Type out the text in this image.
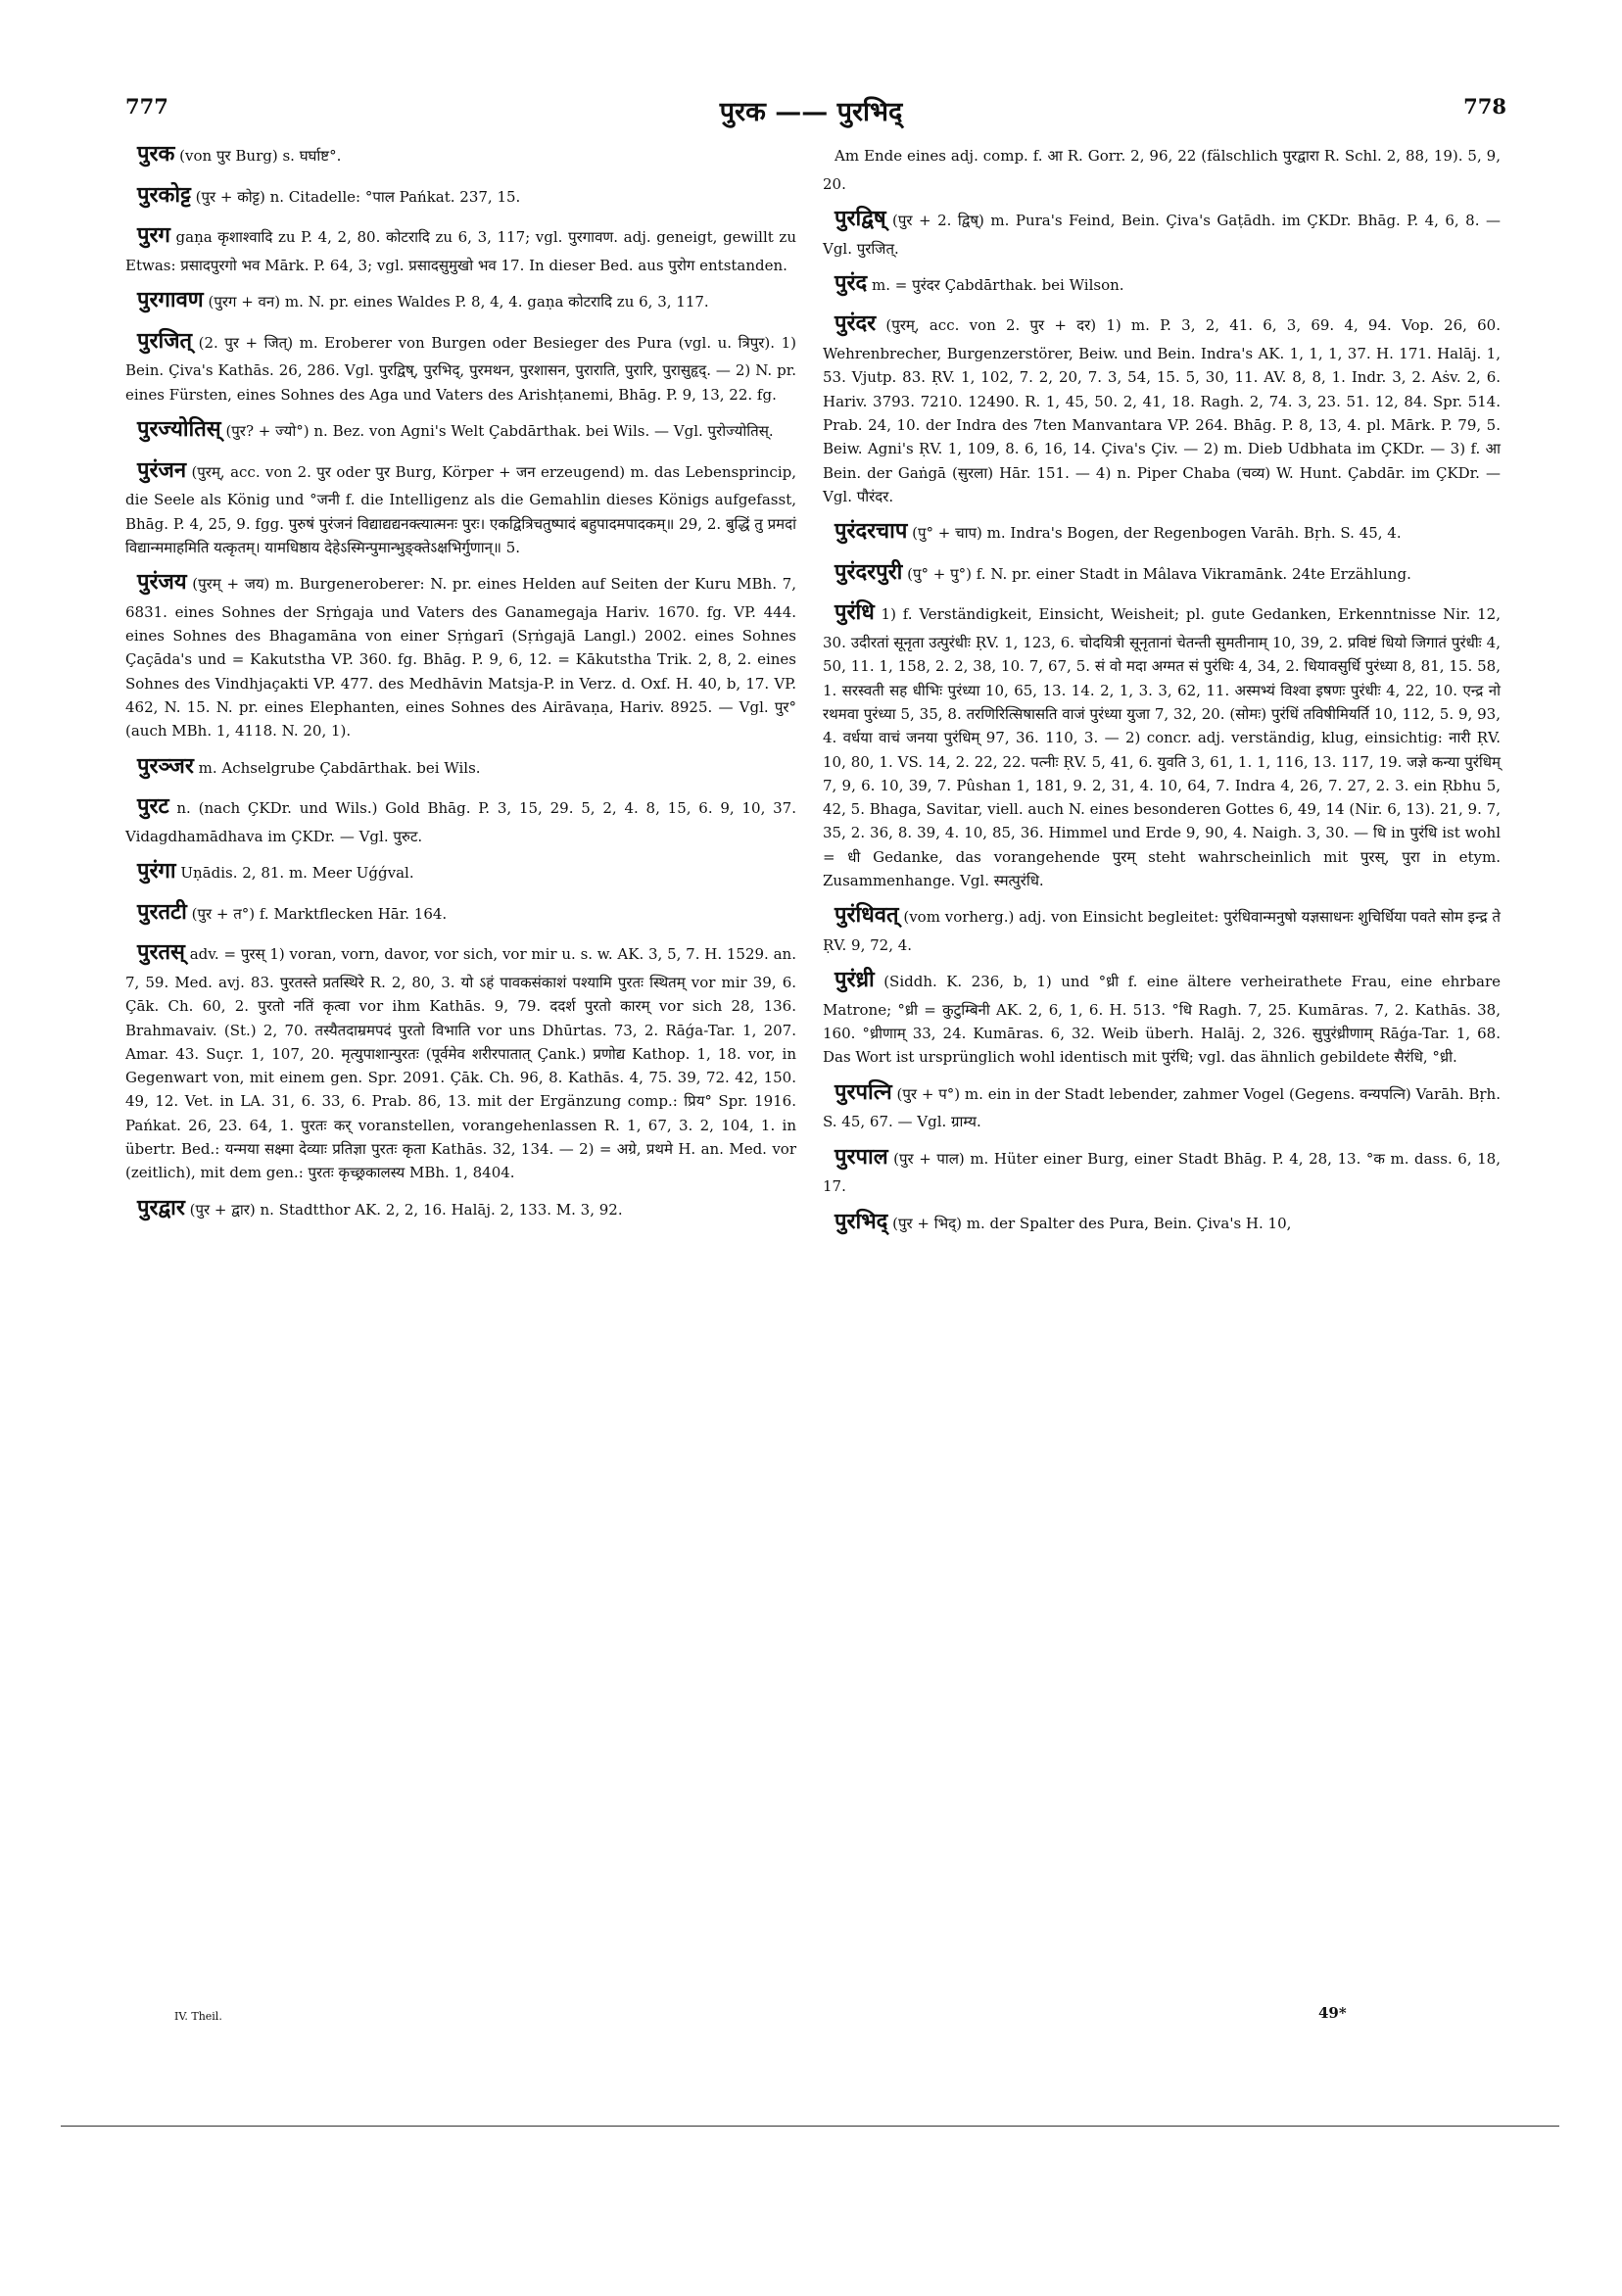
777	पुरक —— पुरभिद्	778

पुरक (von पुर Burg) s. घर्घाष्ट°.

पुरकोट्ट (पुर + कोट्ट) n. Citadelle: °पाल Pańkat. 237, 15.

पुरग gaṇa कृशाश्वादि zu P. 4, 2, 80. कोटरादि zu 6, 3, 117; vgl. पुरगावण. adj. geneigt, gewillt zu Etwas: प्रसादपुरगो भव Mārk. P. 64, 3; vgl. प्रसादसुमुखो भव 17. In dieser Bed. aus पुरोग entstanden.

पुरगावण (पुरग + वन) m. N. pr. eines Waldes P. 8, 4, 4. gaṇa कोटरादि zu 6, 3, 117.

पुरजित् (2. पुर + जित्) m. Eroberer von Burgen oder Besieger des Pura (vgl. u. त्रिपुर). 1) Bein. Çiva's Kathās. 26, 286. Vgl. पुरद्विष्, पुरभिद्, पुरमथन, पुरशासन, पुराराति, पुरारि, पुरासुहृद्. — 2) N. pr. eines Fürsten, eines Sohnes des Aga und Vaters des Arishṭanemi, Bhāg. P. 9, 13, 22. fg.

पुरज्योतिस् (पुर? + ज्यो°) n. Bez. von Agni's Welt Çabdārthak. bei Wils. — Vgl. पुरोज्योतिस्.

पुरंजन (पुरम्, acc. von 2. पुर oder पुर Burg, Körper + जन erzeugend) m. das Lebensprincip, die Seele als König und °जनी f. die Intelligenz als die Gemahlin dieses Königs aufgefasst, Bhāg. P. 4, 25, 9. fgg. पुरुषं पुरंजनं विद्याद्यद्यनक्त्यात्मनः पुरः। एकद्वित्रिचतुष्पादं बहुपादमपादकम्॥ 29, 2. बुद्धिं तु प्रमदां विद्यान्ममाहमिति यत्कृतम्। यामधिष्ठाय देहेऽस्मिन्पुमान्भुङ्क्तेऽक्षभिर्गुणान्॥ 5.

पुरंजय (पुरम् + जय) m. Burgeneroberer: N. pr. eines Helden auf Seiten der Kuru MBh. 7, 6831. eines Sohnes der Sṛṅgaja und Vaters des Ganamegaja Hariv. 1670. fg. VP. 444. eines Sohnes des Bhagamāna von einer Sṛṅgarī (Sṛṅgajā Langl.) 2002. eines Sohnes Çaçāda's und = Kakutstha VP. 360. fg. Bhāg. P. 9, 6, 12. = Kākutstha Trik. 2, 8, 2. eines Sohnes des Vindhjaçakti VP. 477. des Medhāvin Matsja-P. in Verz. d. Oxf. H. 40, b, 17. VP. 462, N. 15. N. pr. eines Elephanten, eines Sohnes des Airāvaṇa, Hariv. 8925. — Vgl. पुर° (auch MBh. 1, 4118. N. 20, 1).

पुरञ्जर m. Achselgrube Çabdārthak. bei Wils.

पुरट n. (nach ÇKDr. und Wils.) Gold Bhāg. P. 3, 15, 29. 5, 2, 4. 8, 15, 6. 9, 10, 37. Vidagdhamādhava im ÇKDr. — Vgl. पुरुट.

पुरंगा Uṇādis. 2, 81. m. Meer Uǵǵval.

पुरतटी (पुर + त°) f. Marktflecken Hār. 164.

पुरतस् adv. = पुरस् 1) voran, vorn, davor, vor sich, vor mir u. s. w. AK. 3, 5, 7. H. 1529. an. 7, 59. Med. avj. 83. पुरतस्ते प्रतस्थिरे R. 2, 80, 3. यो ऽहं पावकसंकाशं पश्यामि पुरतः स्थितम् vor mir 39, 6. Çāk. Ch. 60, 2. पुरतो नतिं कृत्वा vor ihm Kathās. 9, 79. ददर्श पुरतो कारम् vor sich 28, 136. Brahmavaiv. (St.) 2, 70. तस्यैतदाम्रमपदं पुरतो विभाति vor uns Dhūrtas. 73, 2. Rāǵa-Tar. 1, 207. Amar. 43. Suçr. 1, 107, 20. मृत्युपाशान्पुरतः (पूर्वमेव शरीरपातात् Çank.) प्रणोद्य Kathop. 1, 18. vor, in Gegenwart von, mit einem gen. Spr. 2091. Çāk. Ch. 96, 8. Kathās. 4, 75. 39, 72. 42, 150. 49, 12. Vet. in LA. 31, 6. 33, 6. Prab. 86, 13. mit der Ergänzung comp.: प्रिय° Spr. 1916. Pańkat. 26, 23. 64, 1. पुरतः कर् voranstellen, vorangehenlassen R. 1, 67, 3. 2, 104, 1. in übertr. Bed.: यन्मया सक्ष्मा देव्याः प्रतिज्ञा पुरतः कृता Kathās. 32, 134. — 2) = अग्रे, प्रथमे H. an. Med. vor (zeitlich), mit dem gen.: पुरतः कृच्छ्रकालस्य MBh. 1, 8404.

पुरद्वार (पुर + द्वार) n. Stadtthor AK. 2, 2, 16. Halāj. 2, 133. M. 3, 92.

Am Ende eines adj. comp. f. आ R. Gorr. 2, 96, 22 (fälschlich पुरद्वारा R. Schl. 2, 88, 19). 5, 9, 20.

पुरद्विष् (पुर + 2. द्विष्) m. Pura's Feind, Bein. Çiva's Gaṭādh. im ÇKDr. Bhāg. P. 4, 6, 8. — Vgl. पुरजित्.

पुरंद m. = पुरंदर Çabdārthak. bei Wilson.

पुरंदर (पुरम्, acc. von 2. पुर + दर) 1) m. P. 3, 2, 41. 6, 3, 69. 4, 94. Vop. 26, 60. Wehrenbrecher, Burgenzerstörer, Beiw. und Bein. Indra's AK. 1, 1, 1, 37. H. 171. Halāj. 1, 53. Vjutp. 83. ṚV. 1, 102, 7. 2, 20, 7. 3, 54, 15. 5, 30, 11. AV. 8, 8, 1. Indr. 3, 2. Aṡv. 2, 6. Hariv. 3793. 7210. 12490. R. 1, 45, 50. 2, 41, 18. Ragh. 2, 74. 3, 23. 51. 12, 84. Spr. 514. Prab. 24, 10. der Indra des 7ten Manvantara VP. 264. Bhāg. P. 8, 13, 4. pl. Mārk. P. 79, 5. Beiw. Agni's ṚV. 1, 109, 8. 6, 16, 14. Çiva's Çiv. — 2) m. Dieb Udbhata im ÇKDr. — 3) f. आ Bein. der Gaṅgā (सुरला) Hār. 151. — 4) n. Piper Chaba (चव्य) W. Hunt. Çabdār. im ÇKDr. — Vgl. पौरंदर.

पुरंदरचाप (पु° + चाप) m. Indra's Bogen, der Regenbogen Varāh. Bṛh. S. 45, 4.

पुरंदरपुरी (पु° + पु°) f. N. pr. einer Stadt in Mâlava Vikramānk. 24te Erzählung.

पुरंधि 1) f. Verständigkeit, Einsicht, Weisheit; pl. gute Gedanken, Erkenntnisse Nir. 12, 30. उदीरतां सूनृता उत्पुरंधीः ṚV. 1, 123, 6. चोदयित्री सूनृतानां चेतन्ती सुमतीनाम् 10, 39, 2. प्रविष्टं धियो जिगातं पुरंधीः 4, 50, 11. 1, 158, 2. 2, 38, 10. 7, 67, 5. सं वो मदा अग्मत सं पुरंधिः 4, 34, 2. धियावसुर्धि पुरंध्या 8, 81, 15. 58, 1. सरस्वती सह धीभिः पुरंध्या 10, 65, 13. 14. 2, 1, 3. 3, 62, 11. अस्मभ्यं विश्वा इषणः पुरंधीः 4, 22, 10. एन्द्र नो रथमवा पुरंध्या 5, 35, 8. तरणिरित्सिषासति वाजं पुरंध्या युजा 7, 32, 20. (सोमः) पुरंधिं तविषीमियर्ति 10, 112, 5. 9, 93, 4. वर्धया वाचं जनया पुरंधिम् 97, 36. 110, 3. — 2) concr. adj. verständig, klug, einsichtig: नारी ṚV. 10, 80, 1. VS. 14, 2. 22, 22. पत्नीः ṚV. 5, 41, 6. युवति 3, 61, 1. 1, 116, 13. 117, 19. जज्ञे कन्या पुरंधिम् 7, 9, 6. 10, 39, 7. Pûshan 1, 181, 9. 2, 31, 4. 10, 64, 7. Indra 4, 26, 7. 27, 2. 3. ein Ṛbhu 5, 42, 5. Bhaga, Savitar, viell. auch N. eines besonderen Gottes 6, 49, 14 (Nir. 6, 13). 21, 9. 7, 35, 2. 36, 8. 39, 4. 10, 85, 36. Himmel und Erde 9, 90, 4. Naigh. 3, 30. — धि in पुरंधि ist wohl = धी Gedanke, das vorangehende पुरम् steht wahrscheinlich mit पुरस्, पुरा in etym. Zusammenhange. Vgl. स्मत्पुरंधि.

पुरंधिवत् (vom vorherg.) adj. von Einsicht begleitet: पुरंधिवान्मनुषो यज्ञसाधनः शुचिर्धिया पवते सोम इन्द्र ते ṚV. 9, 72, 4.

पुरंध्री (Siddh. K. 236, b, 1) und °ध्री f. eine ältere verheirathete Frau, eine ehrbare Matrone; °ध्री = कुटुम्बिनी AK. 2, 6, 1, 6. H. 513. °धि Ragh. 7, 25. Kumāras. 7, 2. Kathās. 38, 160. °ध्रीणाम् 33, 24. Kumāras. 6, 32. Weib überh. Halāj. 2, 326. सुपुरंध्रीणाम् Rāǵa-Tar. 1, 68. Das Wort ist ursprünglich wohl identisch mit पुरंधि; vgl. das ähnlich gebildete सैरंधि, °ध्री.

पुरपत्नि (पुर + प°) m. ein in der Stadt lebender, zahmer Vogel (Gegens. वन्यपत्नि) Varāh. Bṛh. S. 45, 67. — Vgl. ग्राम्य.

पुरपाल (पुर + पाल) m. Hüter einer Burg, einer Stadt Bhāg. P. 4, 28, 13. °क m. dass. 6, 18, 17.

पुरभिद् (पुर + भिद्) m. der Spalter des Pura, Bein. Çiva's H. 10,

IV. Theil.	49*
